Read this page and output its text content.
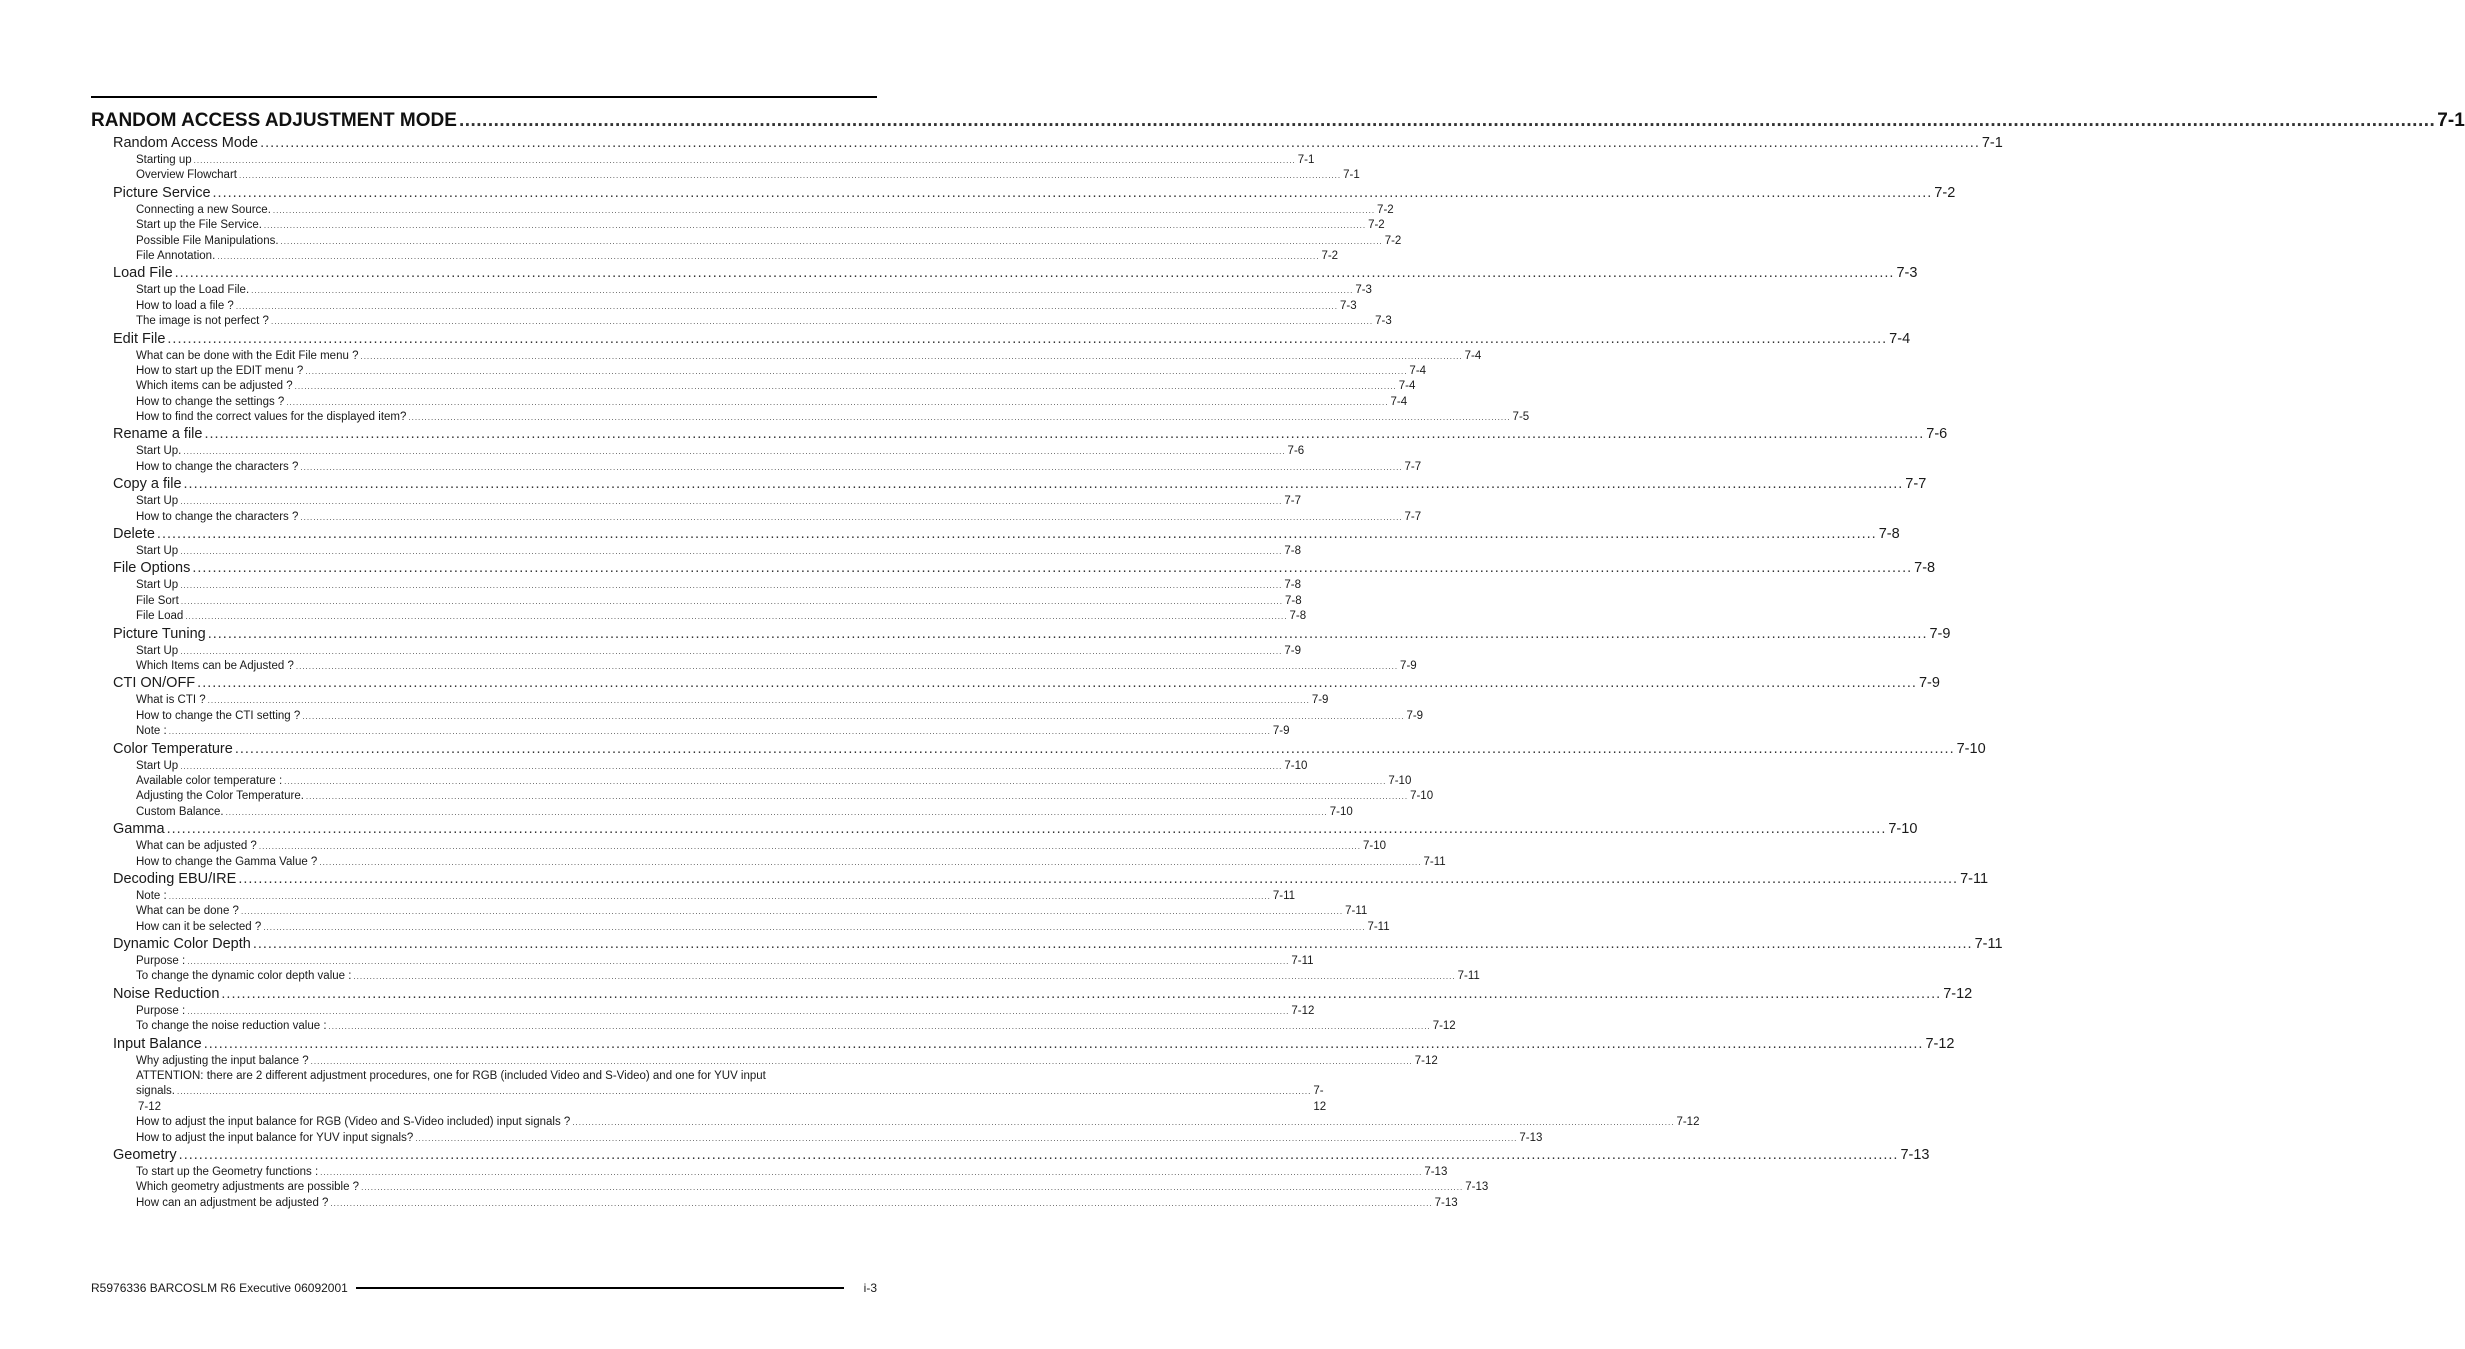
RANDOM ACCESS ADJUSTMENT MODE .....	7-1
Random Access Mode .....	7-1
Starting up .....	7-1
Overview Flowchart .....	7-1
Picture Service .....	7-2
Connecting a new Source. .....	7-2
Start up the File Service. .....	7-2
Possible File Manipulations. .....	7-2
File Annotation. .....	7-2
Load File .....	7-3
Start up the Load File. .....	7-3
How to load a file ? .....	7-3
The image is not perfect ? .....	7-3
Edit File .....	7-4
What can be done with the Edit File menu ? .....	7-4
How to start up the EDIT menu ? .....	7-4
Which items can be adjusted ? .....	7-4
How to change the settings ? .....	7-4
How to find the correct values for the displayed item? .....	7-5
Rename a file .....	7-6
Start Up. .....	7-6
How to change the characters ? .....	7-7
Copy a file .....	7-7
Start Up .....	7-7
How to change the characters ? .....	7-7
Delete .....	7-8
Start Up .....	7-8
File Options .....	7-8
Start Up .....	7-8
File Sort .....	7-8
File Load .....	7-8
Picture Tuning .....	7-9
Start Up .....	7-9
Which Items can be Adjusted ? .....	7-9
CTI ON/OFF .....	7-9
What is CTI ? .....	7-9
How to change the CTI setting ? .....	7-9
Note : .....	7-9
Color Temperature .....	7-10
Start Up .....	7-10
Available color temperature : .....	7-10
Adjusting the Color Temperature. .....	7-10
Custom Balance. .....	7-10
Gamma .....	7-10
What can be adjusted ? .....	7-10
How to change the Gamma Value ? .....	7-11
Decoding EBU/IRE .....	7-11
Note : .....	7-11
What can be done ? .....	7-11
How can it be selected ? .....	7-11
Dynamic Color Depth .....	7-11
Purpose : .....	7-11
To change the dynamic color depth value : .....	7-11
Noise Reduction .....	7-12
Purpose : .....	7-12
To change the noise reduction value : .....	7-12
Input Balance .....	7-12
Why adjusting the input balance ? .....	7-12
ATTENTION: there are 2 different adjustment procedures, one for RGB (included Video and S-Video) and one for YUV input
signals. .....	7-12
7-12
How to adjust the input balance for RGB (Video and S-Video included) input signals ? .....	7-12
How to adjust the input balance for YUV input signals? .....	7-13
Geometry .....	7-13
To start up the Geometry functions : .....	7-13
Which geometry adjustments are possible ? .....	7-13
How can an adjustment be adjusted ? .....	7-13
R5976336 BARCOSLM R6 Executive 06092001	i-3
